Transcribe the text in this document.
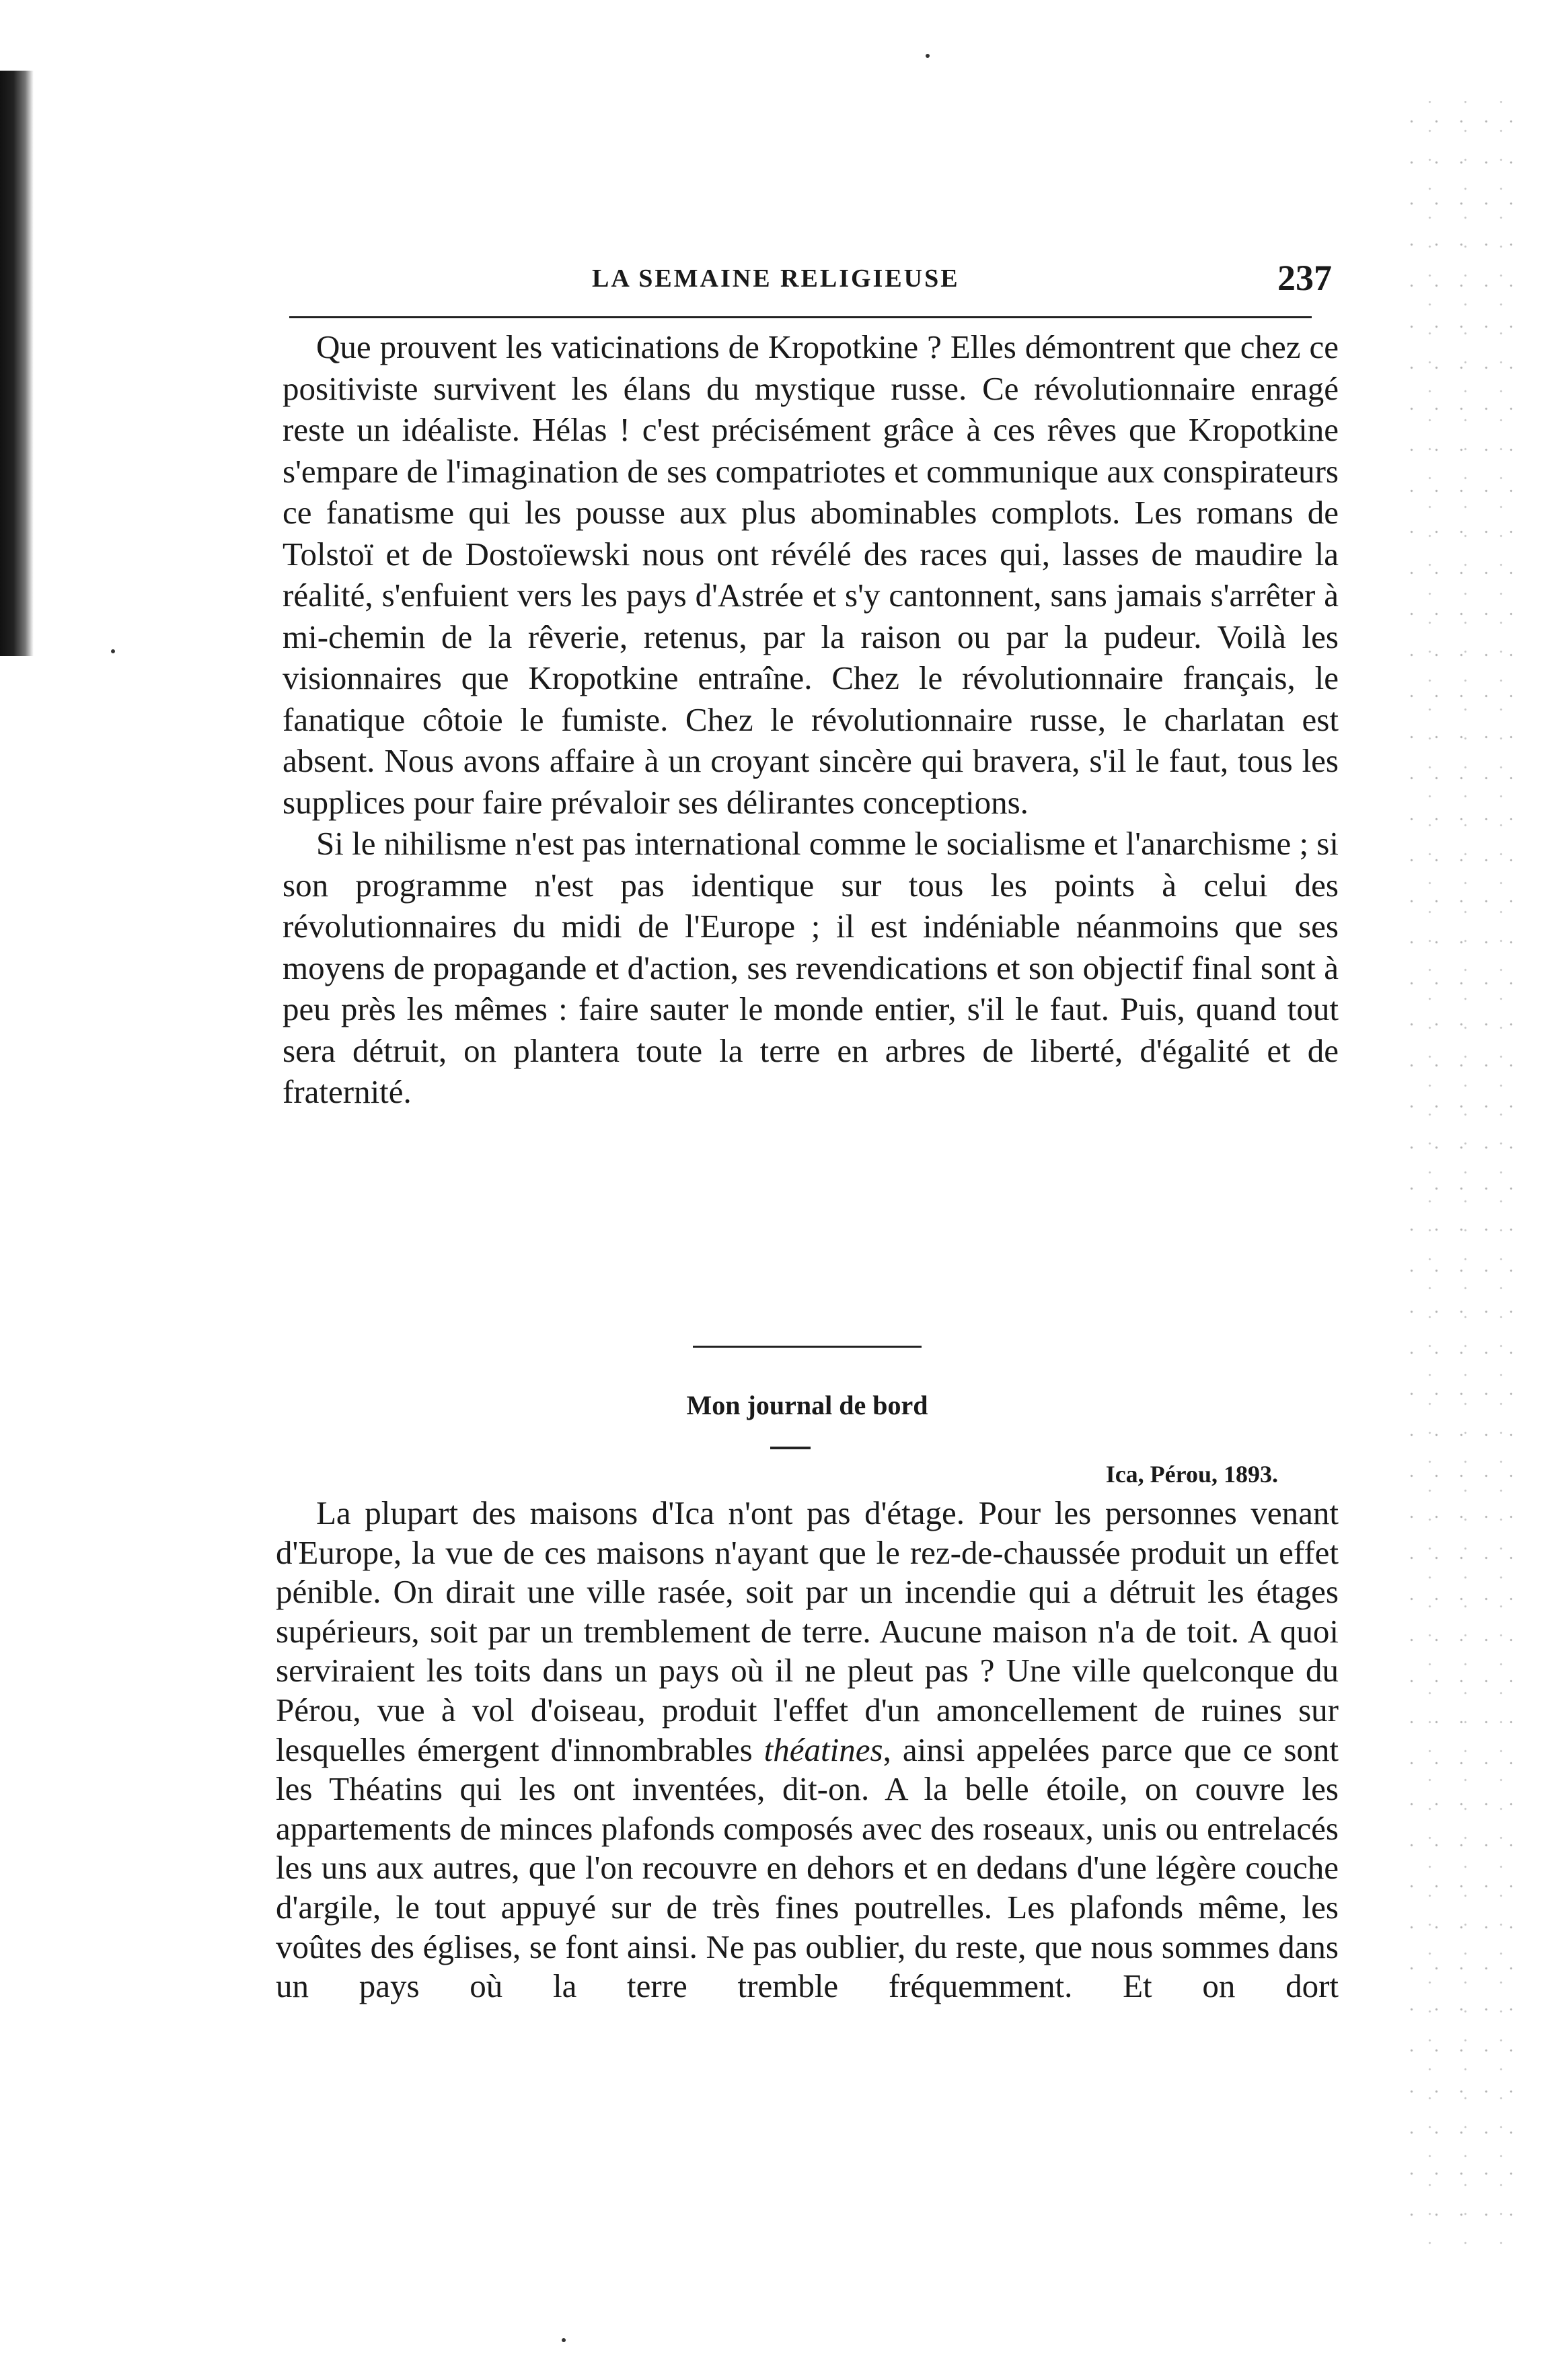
LA SEMAINE RELIGIEUSE	237

Que prouvent les vaticinations de Kropotkine ? Elles démontrent que chez ce positiviste survivent les élans du mystique russe. Ce révolutionnaire enragé reste un idéaliste. Hélas ! c'est précisément grâce à ces rêves que Kropotkine s'empare de l'imagination de ses compatriotes et communique aux conspirateurs ce fanatisme qui les pousse aux plus abominables complots. Les romans de Tolstoï et de Dostoïewski nous ont révélé des races qui, lasses de maudire la réalité, s'enfuient vers les pays d'Astrée et s'y cantonnent, sans jamais s'arrêter à mi-chemin de la rêverie, retenus, par la raison ou par la pudeur. Voilà les visionnaires que Kropotkine entraîne. Chez le révolutionnaire français, le fanatique côtoie le fumiste. Chez le révolutionnaire russe, le charlatan est absent. Nous avons affaire à un croyant sincère qui bravera, s'il le faut, tous les supplices pour faire prévaloir ses délirantes conceptions.

Si le nihilisme n'est pas international comme le socialisme et l'anarchisme ; si son programme n'est pas identique sur tous les points à celui des révolutionnaires du midi de l'Europe ; il est indéniable néanmoins que ses moyens de propagande et d'action, ses revendications et son objectif final sont à peu près les mêmes : faire sauter le monde entier, s'il le faut. Puis, quand tout sera détruit, on plantera toute la terre en arbres de liberté, d'égalité et de fraternité.

Mon journal de bord
Ica, Pérou, 1893.

La plupart des maisons d'Ica n'ont pas d'étage. Pour les personnes venant d'Europe, la vue de ces maisons n'ayant que le rez-de-chaussée produit un effet pénible. On dirait une ville rasée, soit par un incendie qui a détruit les étages supérieurs, soit par un tremblement de terre. Aucune maison n'a de toit. A quoi serviraient les toits dans un pays où il ne pleut pas ? Une ville quelconque du Pérou, vue à vol d'oiseau, produit l'effet d'un amoncellement de ruines sur lesquelles émergent d'innombrables théatines, ainsi appelées parce que ce sont les Théatins qui les ont inventées, dit-on. A la belle étoile, on couvre les appartements de minces plafonds composés avec des roseaux, unis ou entrelacés les uns aux autres, que l'on recouvre en dehors et en dedans d'une légère couche d'argile, le tout appuyé sur de très fines poutrelles. Les plafonds même, les voûtes des églises, se font ainsi. Ne pas oublier, du reste, que nous sommes dans un pays où la terre tremble fréquemment. Et on dort
